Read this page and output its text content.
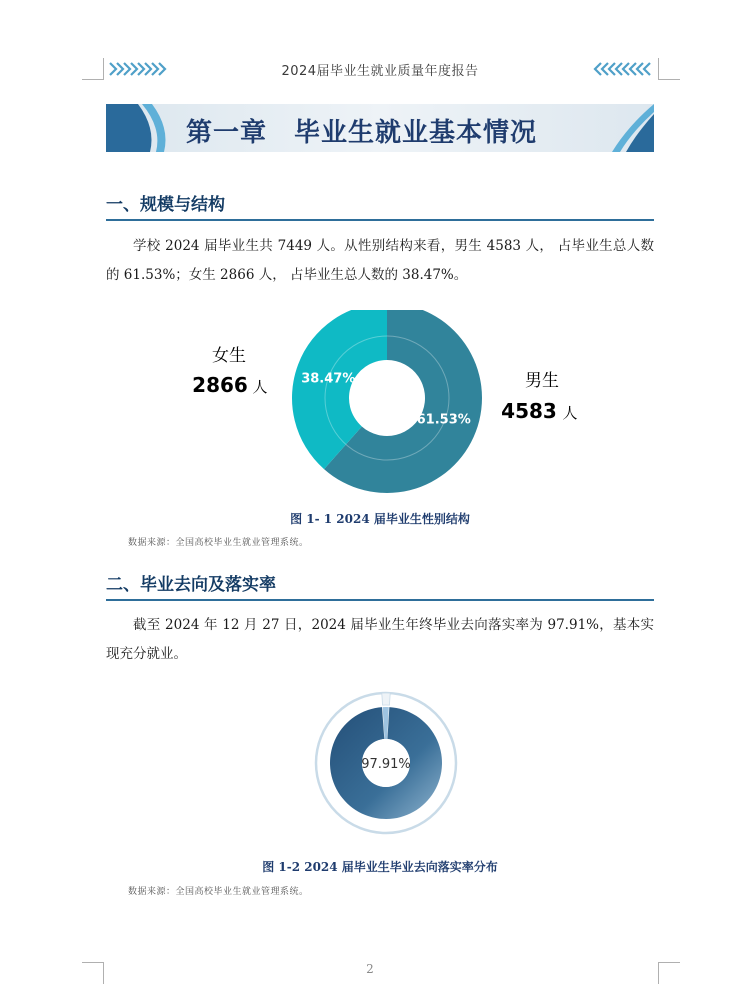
2024届毕业生就业质量年度报告
第一章　毕业生就业基本情况
一、规模与结构
学校 2024 届毕业生共 7449 人。从性别结构来看，男生 4583 人， 占毕业生总人数的 61.53%；女生 2866 人， 占毕业生总人数的 38.47%。
61.53%
38.47%
女生
2866 人	男生
4583 人
图 1- 1 2024 届毕业生性别结构
数据来源：全国高校毕业生就业管理系统。
二、毕业去向及落实率
截至 2024 年 12 月 27 日，2024 届毕业生年终毕业去向落实率为 97.91%，基本实现充分就业。
97.91%
图 1-2 2024 届毕业生毕业去向落实率分布
数据来源：全国高校毕业生就业管理系统。
2
